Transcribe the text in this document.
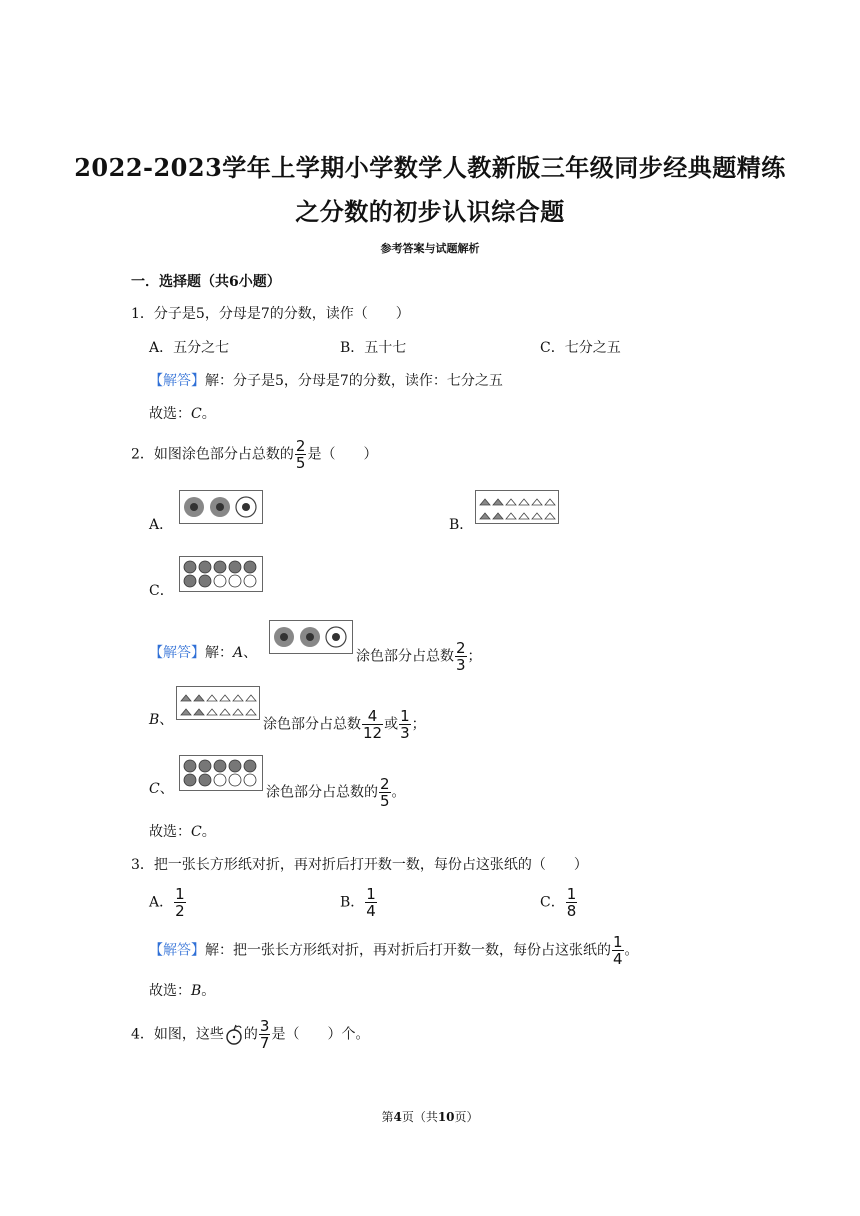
2022-2023学年上学期小学数学人教新版三年级同步经典题精练
之分数的初步认识综合题
参考答案与试题解析
一．选择题（共6小题）
1．分子是5，分母是7的分数，读作（　　）
A．五分之七	B．五十七	C．七分之五
【解答】解：分子是5，分母是7的分数，读作：七分之五
故选：C。
2．如图涂色部分占总数的 $\frac{2}{5}$ 是（　　）
A．	B．
C．
【解答】解：A、	涂色部分占总数 $\frac{2}{3}$ ；
B、	涂色部分占总数 $\frac{4}{12}$ 或 $\frac{1}{3}$ ；
C、	涂色部分占总数的 $\frac{2}{5}$ 。
故选：C。
3．把一张长方形纸对折，再对折后打开数一数，每份占这张纸的（　　）
A． $\frac{1}{2}$	B． $\frac{1}{4}$	C． $\frac{1}{8}$
【解答】解：把一张长方形纸对折，再对折后打开数一数，每份占这张纸的 $\frac{1}{4}$ 。
故选：B。
4．如图，这些 的 $\frac{3}{7}$ 是（　　）个。
第4页（共10页）
